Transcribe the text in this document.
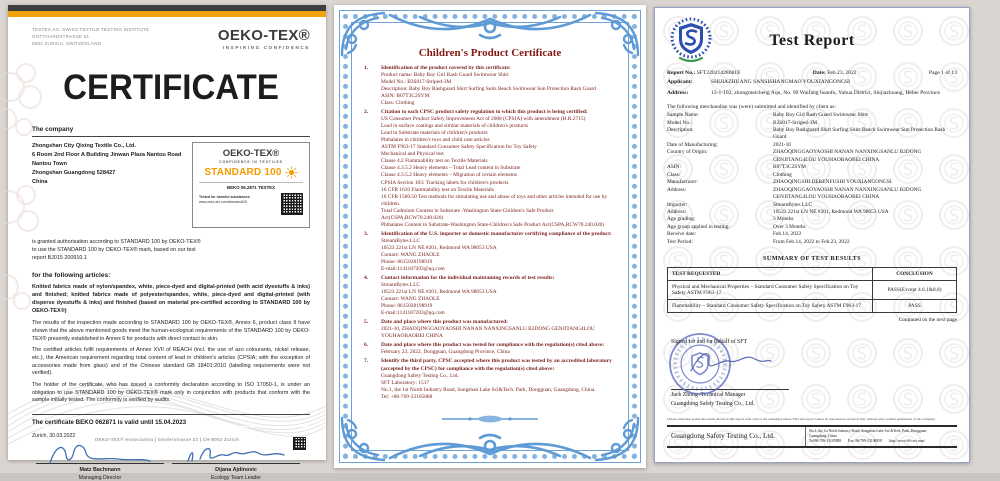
TESTEX AG, SWISS TEXTILE TESTING INSTITUTE
GOTTHARDSTRASSE 61
8002 ZURICH, SWITZERLAND	OEKO-TEX®
INSPIRING CONFIDENCE
CERTIFICATE
The company
Zhongshan City Qixing Textile Co., Ltd.
6 Room 2nd Floor A Building Jinwan Plaza Nantou Road
Nantou Town
Zhongshan Guangdong 528427
China
OEKO-TEX®
CONFIDENCE IN TEXTILES
STANDARD 100
BEKO 06.2871 TESTEX
Tested for harmful substances
www.oeko-tex.com/standard100

is granted authorisation according to STANDARD 100 by OEKO-TEX® to use the STANDARD 100 by OEKO-TEX® mark, based on our test report BJ015 200910.1

for the following articles:

Knitted fabrics made of nylon/spandex, white, piece-dyed and digital-printed (with acid dyestuffs & inks) and finished; knitted fabrics made of polyester/spandex, white, piece-dyed and digital-printed (with disperse dyestuffs & inks) and finished (based on material pre-certified according to STANDARD 100 by OEKO-TEX®)

The results of the inspection made according to STANDARD 100 by OEKO-TEX®, Annex 6, product class II have shown that the above mentioned goods meet the human-ecological requirements of the STANDARD 100 by OEKO-TEX® presently established in Annex 6 for products with direct contact to skin.
The certified articles fulfil requirements of Annex XVII of REACH (incl. the use of azo colourants, nickel release, etc.), the American requirement regarding total content of lead in children's articles (CPSIA; with the exception of accessories made from glass) and of the Chinese standard GB 18401:2010 (labelling requirements were not verified).
The holder of the certificate, who has issued a conformity declaration according to ISO 17050-1, is under an obligation to use STANDARD 100 by OEKO-TEX® mark only in conjunction with products that conform with the sample initially tested. The conformity is verified by audits.
The certificate BEKO 062871 is valid until 15.04.2023
Zurich, 30.03.2022
Matz Bachmann
Managing Director
Dijana Ajdinovic
Ecology Team Leader
OEKO-TEX® Association | Genferstrasse 23 | CH-8002 Zurich
Children's Product Certificate
1.	Identification of the product covered by this certificate:
Product name: Baby Boy Girl Rash Guard Swimwear Shirt
Model No.: B3S017-Striped-3M
Description: Baby Boy Rashguard Shirt Surfing Suits Beach Swimwear Sun Protection Rash Guard
ASIN: B07T3C2SYM
Class: Clothing
2.	Citation to each CPSC product safety regulation to which this product is being certified:
US Consumer Product Safety Improvement Act of 2008 (CPSIA) with amendment (H.R.2715)
Lead in surface coatings and similar materials of children's products
Lead in Substrate materials of children's products
Phthalates in children's toys and child care articles
ASTM F963-17 Standard Consumer Safety Specification for Toy Safety
Mechanical and Physical test
Clause 4.2 Flammability test on Textile Materials
Clause 4.3.5.2 Heavy elements – Total Lead content in Substrate
Clause 4.3.5.2 Heavy elements – Migration of certain elements
CPSIA Section 103: Tracking labels for children's products
16 CFR 1610 Flammability test on Textile Materials
16 CFR 1500.50 Test methods for simulating use and abuse of toys and other articles intended for use by children.
Total Cadmium Content in Substrate -Washington State-Children's Safe Product Act(CSPA,RCW70.240.020)
Phthalates Content in Substrate-Washington State-Children's Safe Product Act(CSPA,RCW70.240.020)
3.	Identification of the U.S. importer or domestic manufacturer certifying compliance of the product:
StreamBytes LLC
10523 221st LN NE #201, Redmond WA 98053 USA
Contact: WANG ZHAOLE
Phone: 8615028198919
E-mail:1141187203@qq.com
4.	Contact information for the individual maintaining records of test results:
StreamBytes LLC
10523 221st LN NE #201, Redmond WA 98053 USA
Contact: WANG ZHAOLE
Phone: 8615028198919
E-mail:1141187203@qq.com
5.	Date and place where this product was manufactured:
2021-10, ZHAOQINGGAOYAOSHI NANAN NANXINGSANLU B2DONG GENJITANG4LOU YOUHAOBAOBEI CHINA
6.	Date and place where this product was tested for compliance with the regulation(s) cited above:
February 23, 2022, Dongguan, Guangdong Province, China
7.	Identify the third party, CPSC accepted where this product was tested by an accredited laboratory (accepted by the CPSC) for compliance with the regulation(s) cited above:
Guangdong Safety Testing Co., Ltd.
SFT Laboratory: 1517
No.1, the 1st North Industry Road, Songshan Lake Sci&Tech. Park, Dongguan, Guangdong, China.
Tel: +86-769-23105888
Test Report
Report No.: SFT22021428681E	Date: Feb.23, 2022	Page 1 of 13
Applicant:	SHIJIAZHUANG SANSISHANGMAO YOUXIANGONGSI
Address:	13-1-102, zhongmeicheng Aqu, No. 99 Waifang huanfu, Yuhua District, Shijiazhuang, Hebei Province
The following merchandise was (were) submitted and identified by client as:
Sample Name:	Baby Boy Girl Rash Guard Swimwear Shirt
Model No.:	B3S017-Striped-3M
Description:	Baby Boy Rashguard Shirt Surfing Suits Beach Swimwear Sun Protection Rash Guard
Date of Manufacturing:	2021-10
Country of Origin:	ZHAOQINGGAOYAOSHI NANAN NANXINGSANLU B2DONG GENJITANG4LOU YOUHAOBAOBEI CHINA
ASIN:	B07T3C2SYM
Class:	Clothing
Manufacturer:	ZHAOQINGSHI DERENFUSHI YOUXIANGONGSI
Address:	ZHAOQINGGAOYAOSHI NANAN NANXINGSANLU B2DONG GENJITANG4LOU YOUHAOBAOBEI CHINA
Importer:	StreamBytes LLC
Address:	10523 221st LN NE #201, Redmond WA 98053 USA
Age grading:	3 Months
Age group applied in testing:	Over 3 Months
Receive date:	Feb.14, 2022
Test Period:	From Feb.14, 2022 to Feb.23, 2022
SUMMARY OF TEST RESULTS
TEST REQUESTED	CONCLUSION
Physical and Mechanical Properties – Standard Consumer Safety Specification on Toy Safety ASTM F963-17	PASS(Except 4.6.1&8.8)
Flammability – Standard Consumer Safety Specification on Toy Safety ASTM F963-17	PASS
Continued on the next page
Signed for and on Behalf of SFT
Jack Zhong /Technical Manager
Guangdong Safety Testing Co., Ltd.
Unless otherwise stated the results shown in this report refer only to the sample(s) tested. This test report cannot be reproduced, except in full, without prior written permission of the company.
Guangdong Safety Testing Co., Ltd.
No.1, the 1st North Industry Road, Songshan Lake Sci.&Tech. Park, Dongguan,
Guangdong, China
Tel:86-769-23105888 Fax: 86-769-23106858 http://www.sft-cert.com/
